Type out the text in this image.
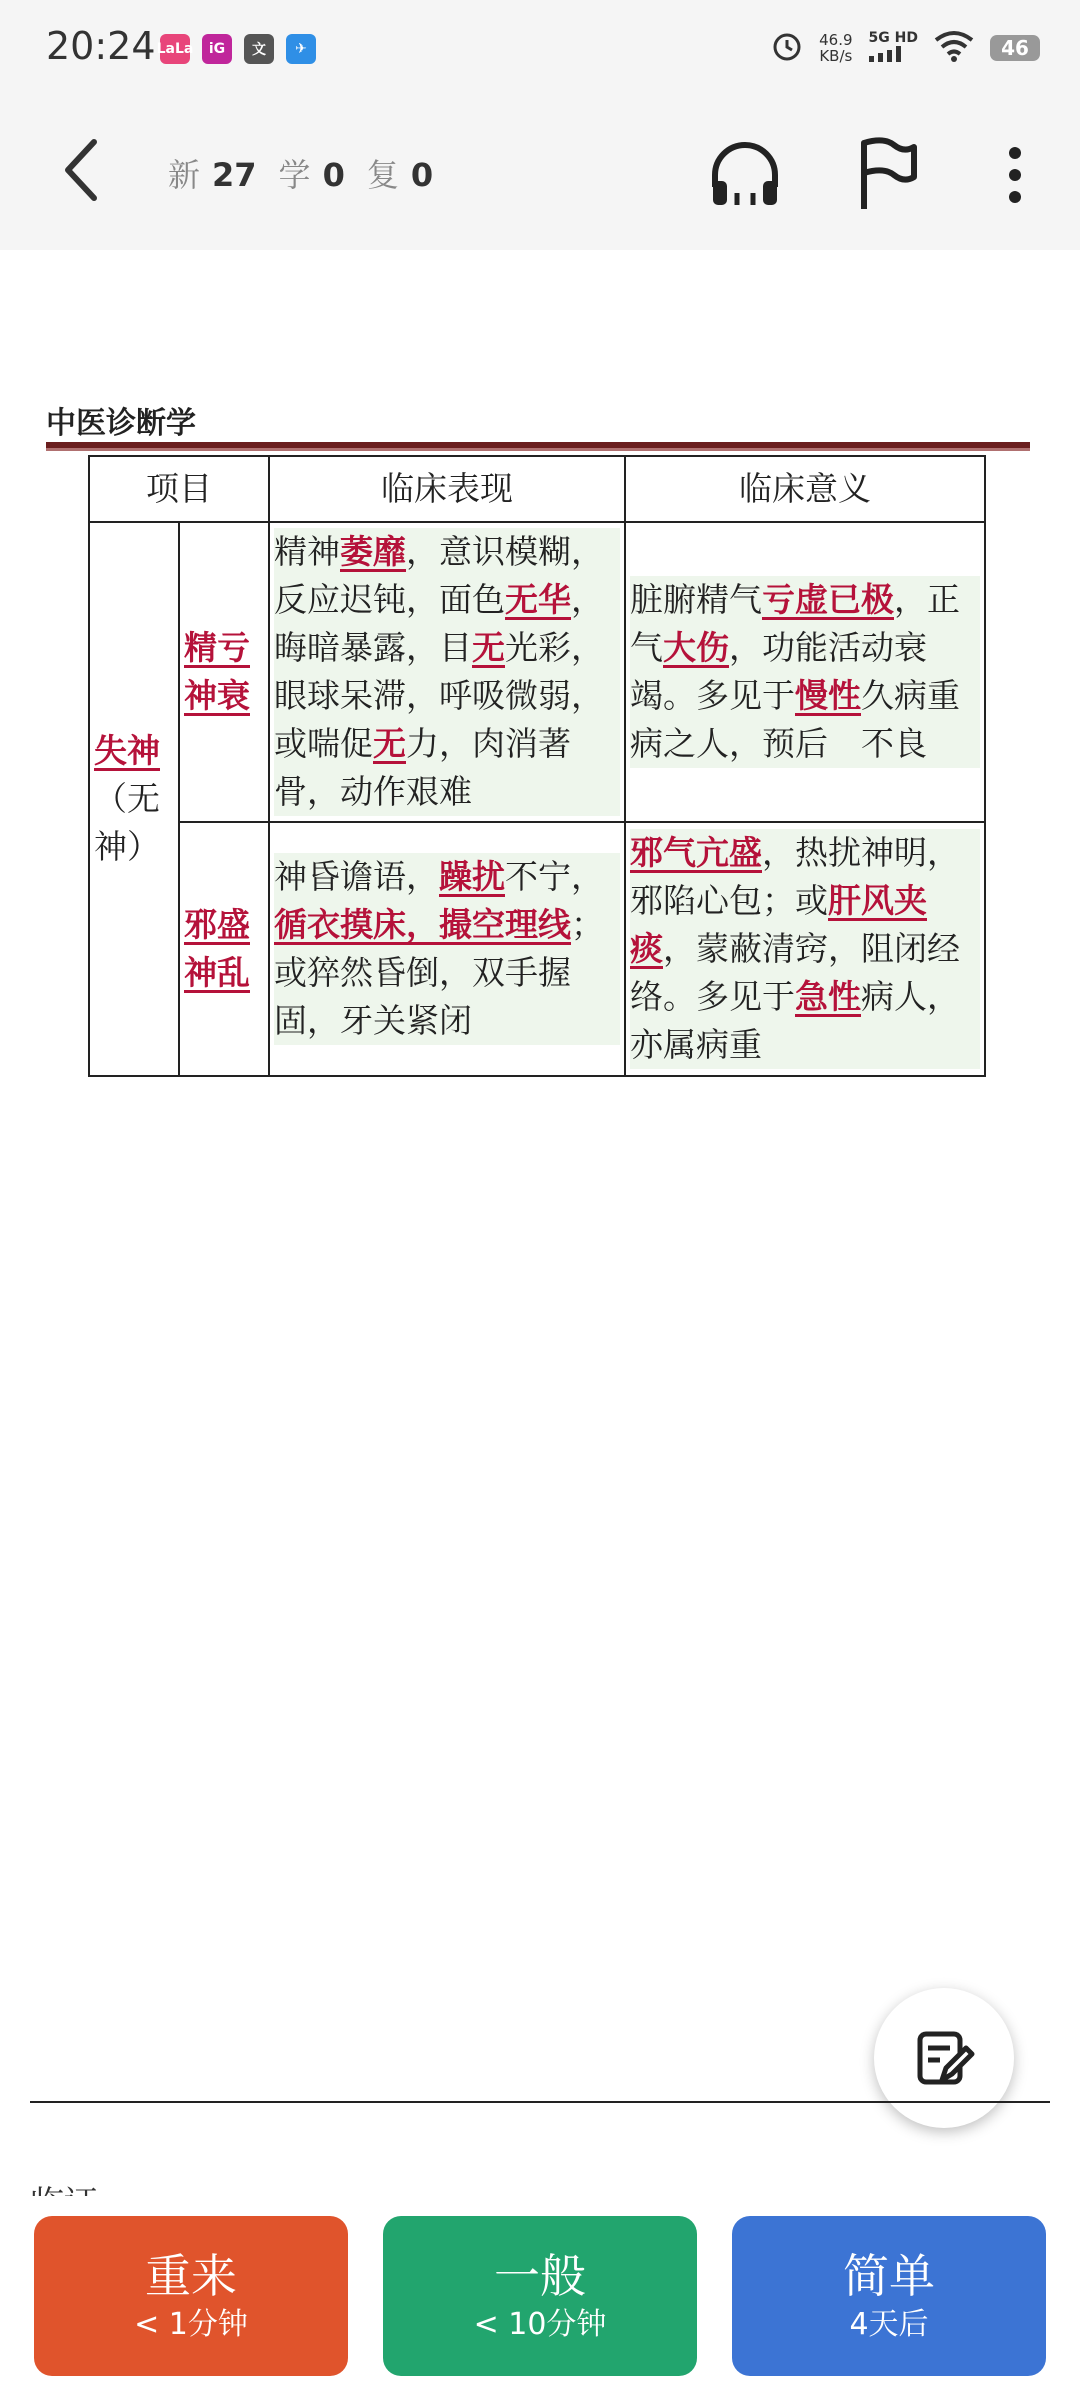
20:24 LaLa	iG	文	✈	46.9
KB/s
5G HD	46
新 27 学 0 复 0
中医诊断学
项目		临床表现	临床意义
失神（无神）	精亏神衰	精神萎靡，意识模糊，反应迟钝，面色无华，晦暗暴露，目无光彩，眼球呆滞，呼吸微弱，或喘促无力，肉消著骨，动作艰难	脏腑精气亏虚已极，正气大伤，功能活动衰竭。多见于慢性久病重病之人，预后　不良

	邪盛神乱	神昏谵语，躁扰不宁，循衣摸床，撮空理线；或猝然昏倒，双手握固，牙关紧闭	邪气亢盛，热扰神明，邪陷心包；或肝风夹痰，蒙蔽清窍，阻闭经络。多见于急性病人，亦属病重
重来
< 1分钟
一般
< 10分钟
简单
4天后
